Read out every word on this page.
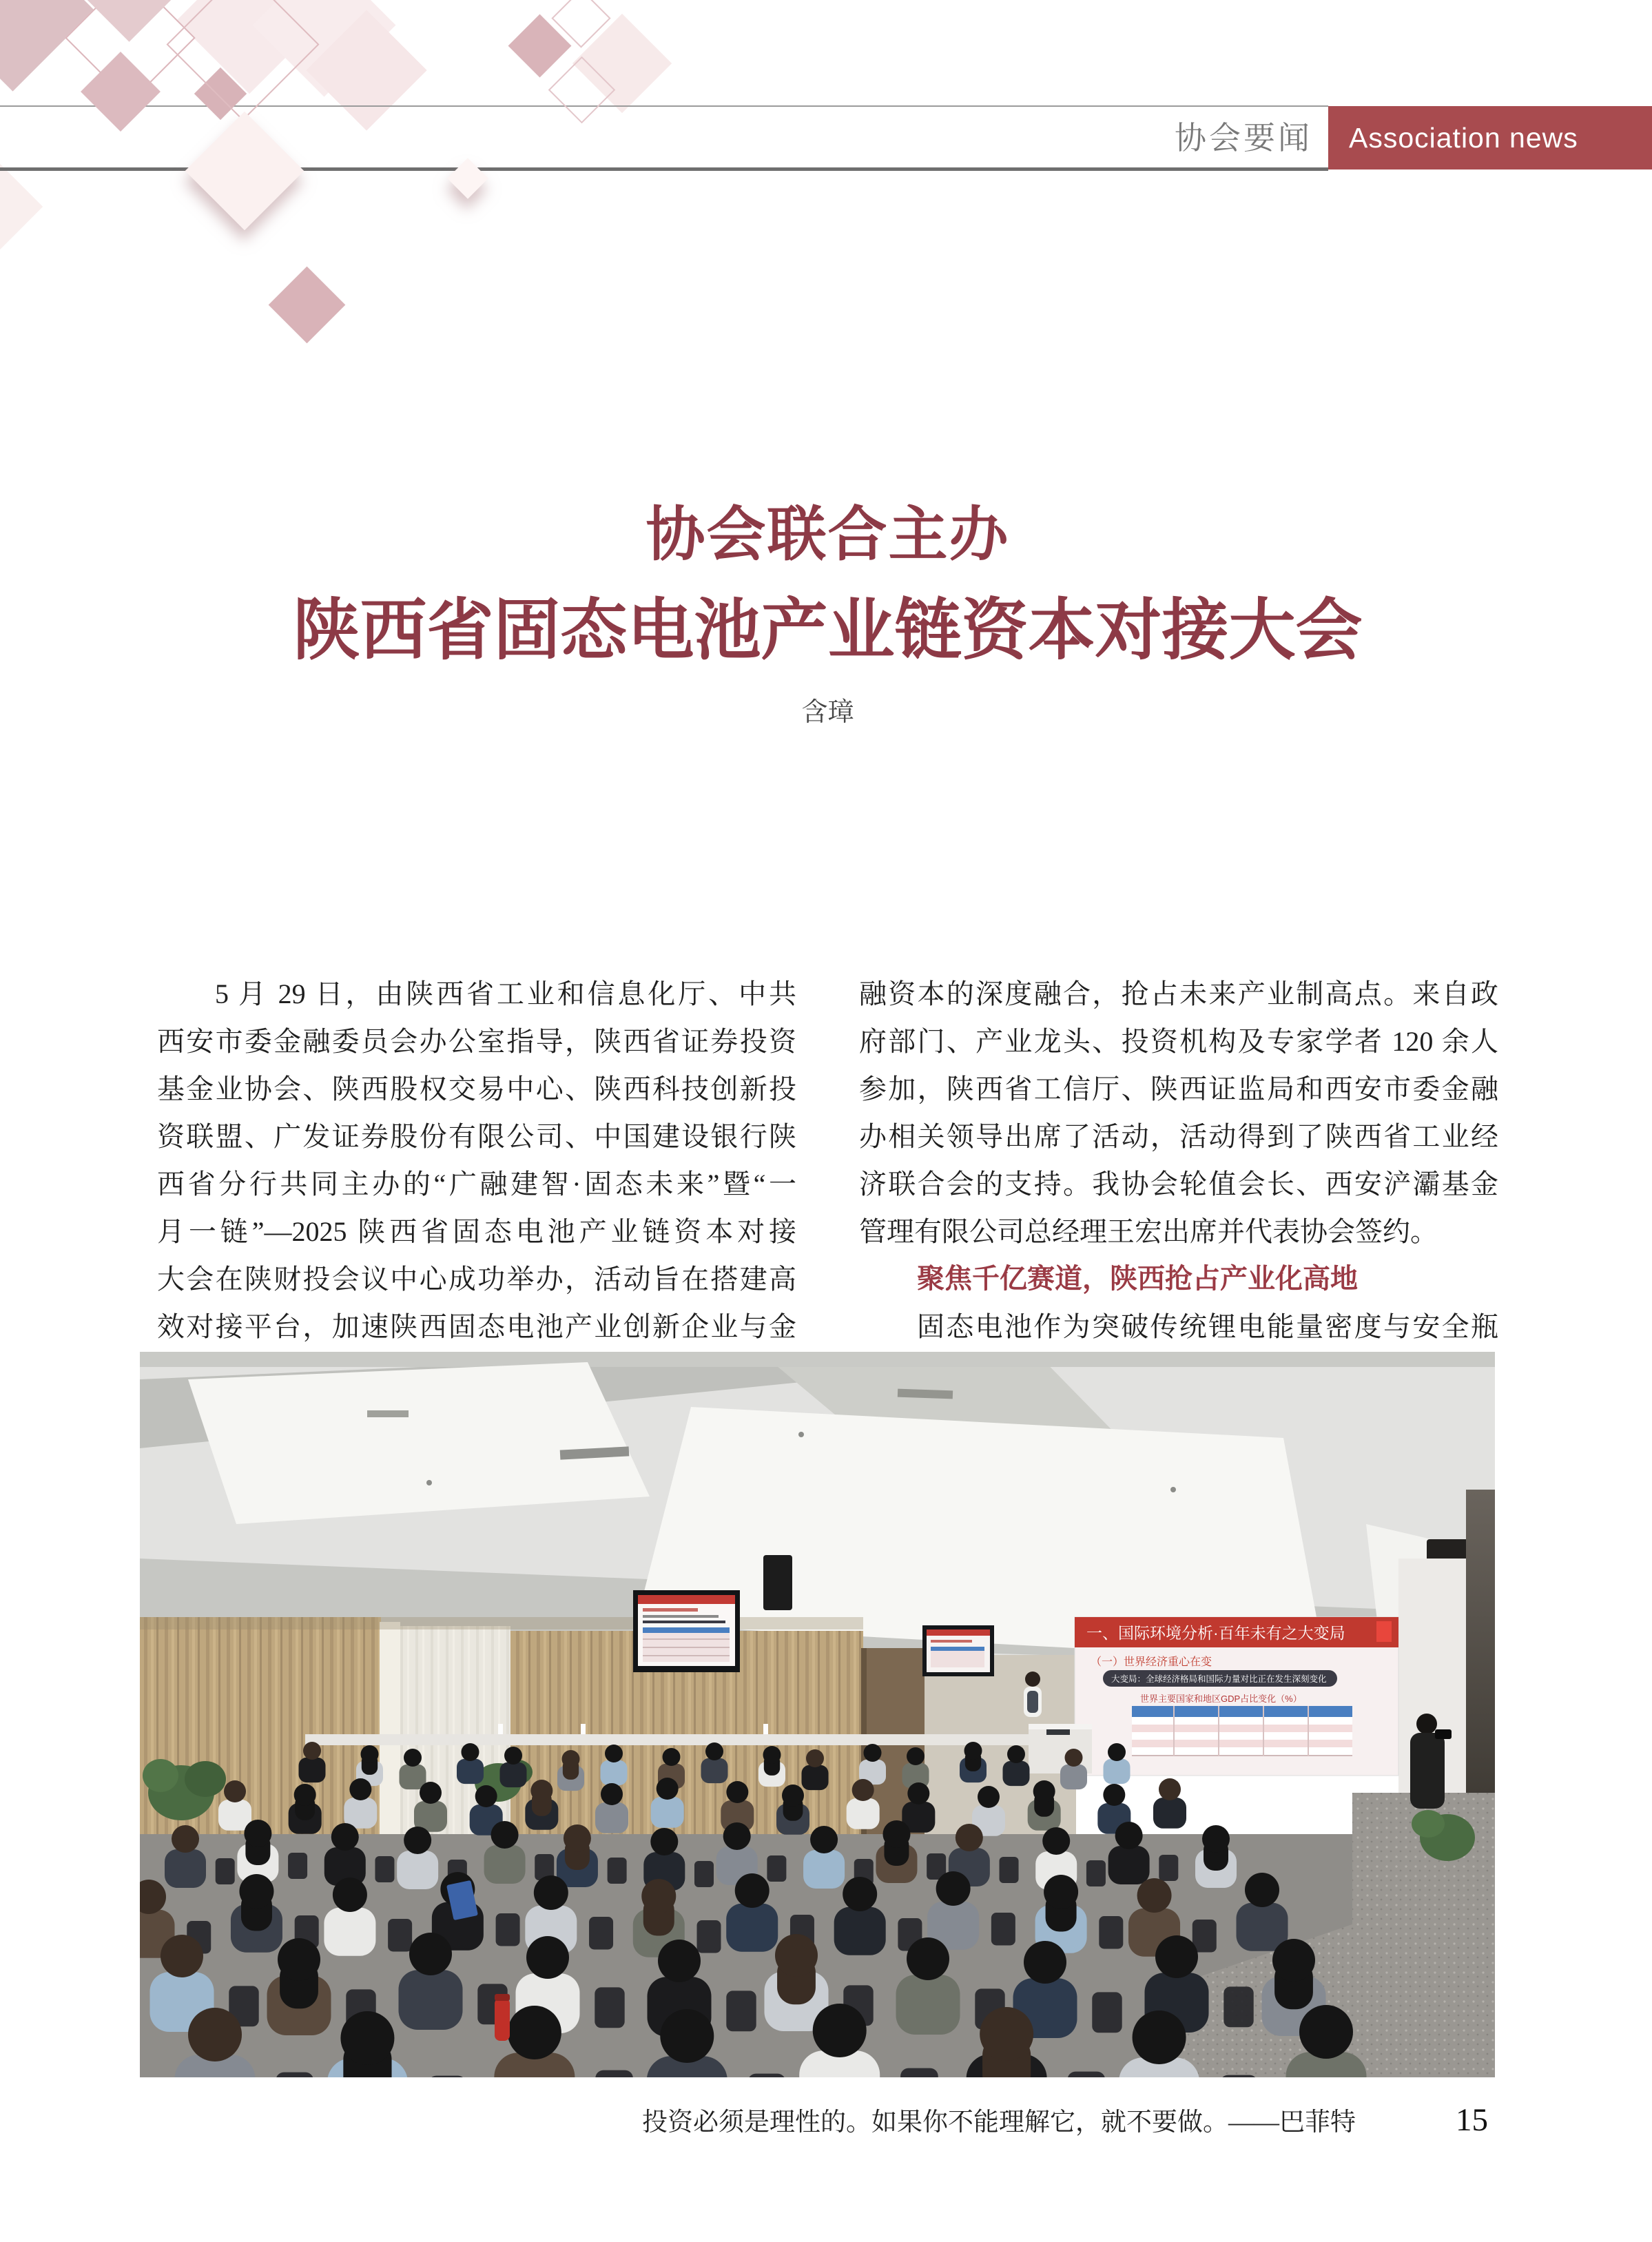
协会要闻	Association news
协会联合主办
陕西省固态电池产业链资本对接大会
含璋
5 月 29 日，由陕西省工业和信息化厅、中共
西安市委金融委员会办公室指导，陕西省证券投资
基金业协会、陕西股权交易中心、陕西科技创新投
资联盟、广发证券股份有限公司、中国建设银行陕
西省分行共同主办的“广融建智·固态未来”暨“一
月一链”—2025 陕西省固态电池产业链资本对接
大会在陕财投会议中心成功举办，活动旨在搭建高
效对接平台，加速陕西固态电池产业创新企业与金
融资本的深度融合，抢占未来产业制高点。来自政
府部门、产业龙头、投资机构及专家学者 120 余人
参加，陕西省工信厅、陕西证监局和西安市委金融
办相关领导出席了活动，活动得到了陕西省工业经
济联合会的支持。我协会轮值会长、西安浐灞基金
管理有限公司总经理王宏出席并代表协会签约。
聚焦千亿赛道，陕西抢占产业化高地
固态电池作为突破传统锂电能量密度与安全瓶
一、国际环境分析·百年未有之大变局
（一）世界经济重心在变
大变局：全球经济格局和国际力量对比正在发生深刻变化
世界主要国家和地区GDP占比变化（%）
投资必须是理性的。如果你不能理解它，就不要做。——巴菲特	15
